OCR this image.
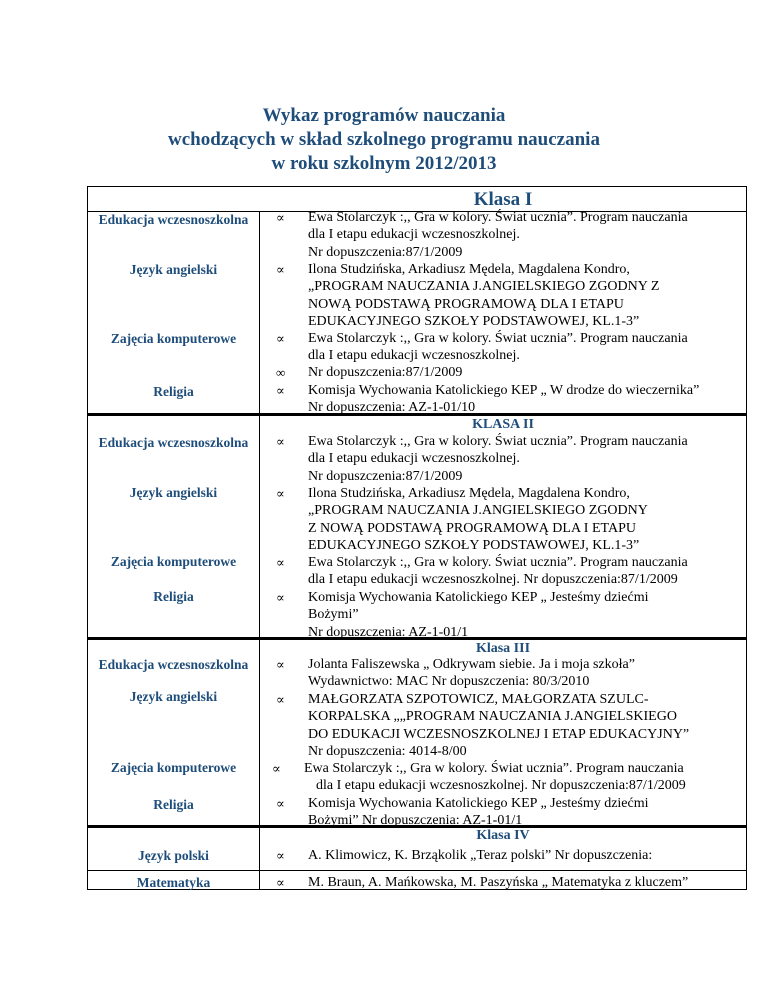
Wykaz programów nauczania
wchodzących w skład szkolnego programu nauczania
w roku szkolnym 2012/2013
Klasa I
Edukacja wczesnoszkolna
Język angielski
Zajęcia komputerowe
Religia
∝ Ewa Stolarczyk :,, Gra w kolory. Świat ucznia”. Program nauczania
dla I etapu edukacji wczesnoszkolnej.
Nr dopuszczenia:87/1/2009
∝ Ilona Studzińska, Arkadiusz Mędela, Magdalena Kondro,
„PROGRAM NAUCZANIA J.ANGIELSKIEGO ZGODNY Z
NOWĄ PODSTAWĄ PROGRAMOWĄ DLA I ETAPU
EDUKACYJNEGO SZKOŁY PODSTAWOWEJ, KL.1-3”
∝ Ewa Stolarczyk :,, Gra w kolory. Świat ucznia”. Program nauczania
dla I etapu edukacji wczesnoszkolnej.
∞ Nr dopuszczenia:87/1/2009
∝ Komisja Wychowania Katolickiego KEP „ W drodze do wieczernika”
Nr dopuszczenia: AZ-1-01/10
KLASA II
Edukacja wczesnoszkolna
Język angielski
Zajęcia komputerowe
Religia
∝ Ewa Stolarczyk :,, Gra w kolory. Świat ucznia”. Program nauczania
dla I etapu edukacji wczesnoszkolnej.
Nr dopuszczenia:87/1/2009
∝ Ilona Studzińska, Arkadiusz Mędela, Magdalena Kondro,
„PROGRAM NAUCZANIA J.ANGIELSKIEGO ZGODNY
Z NOWĄ PODSTAWĄ PROGRAMOWĄ DLA I ETAPU
EDUKACYJNEGO SZKOŁY PODSTAWOWEJ, KL.1-3”
∝ Ewa Stolarczyk :,, Gra w kolory. Świat ucznia”. Program nauczania
dla I etapu edukacji wczesnoszkolnej. Nr dopuszczenia:87/1/2009
∝ Komisja Wychowania Katolickiego KEP „ Jesteśmy dziećmi
Bożymi”
Nr dopuszczenia: AZ-1-01/1
Klasa III
Edukacja wczesnoszkolna
Język angielski
Zajęcia komputerowe
Religia
∝ Jolanta Faliszewska „ Odkrywam siebie. Ja i moja szkoła”
Wydawnictwo: MAC Nr dopuszczenia: 80/3/2010
∝ MAŁGORZATA SZPOTOWICZ, MAŁGORZATA SZULC-
KORPALSKA „„PROGRAM NAUCZANIA J.ANGIELSKIEGO
DO EDUKACJI WCZESNOSZKOLNEJ I ETAP EDUKACYJNY”
Nr dopuszczenia: 4014-8/00
∝ Ewa Stolarczyk :,, Gra w kolory. Świat ucznia”. Program nauczania
dla I etapu edukacji wczesnoszkolnej. Nr dopuszczenia:87/1/2009
∝ Komisja Wychowania Katolickiego KEP „ Jesteśmy dziećmi
Bożymi” Nr dopuszczenia: AZ-1-01/1
Klasa IV
Język polski	∝ A. Klimowicz, K. Brząkolik „Teraz polski” Nr dopuszczenia:
Matematyka	∝ M. Braun, A. Mańkowska, M. Paszyńska „ Matematyka z kluczem”
